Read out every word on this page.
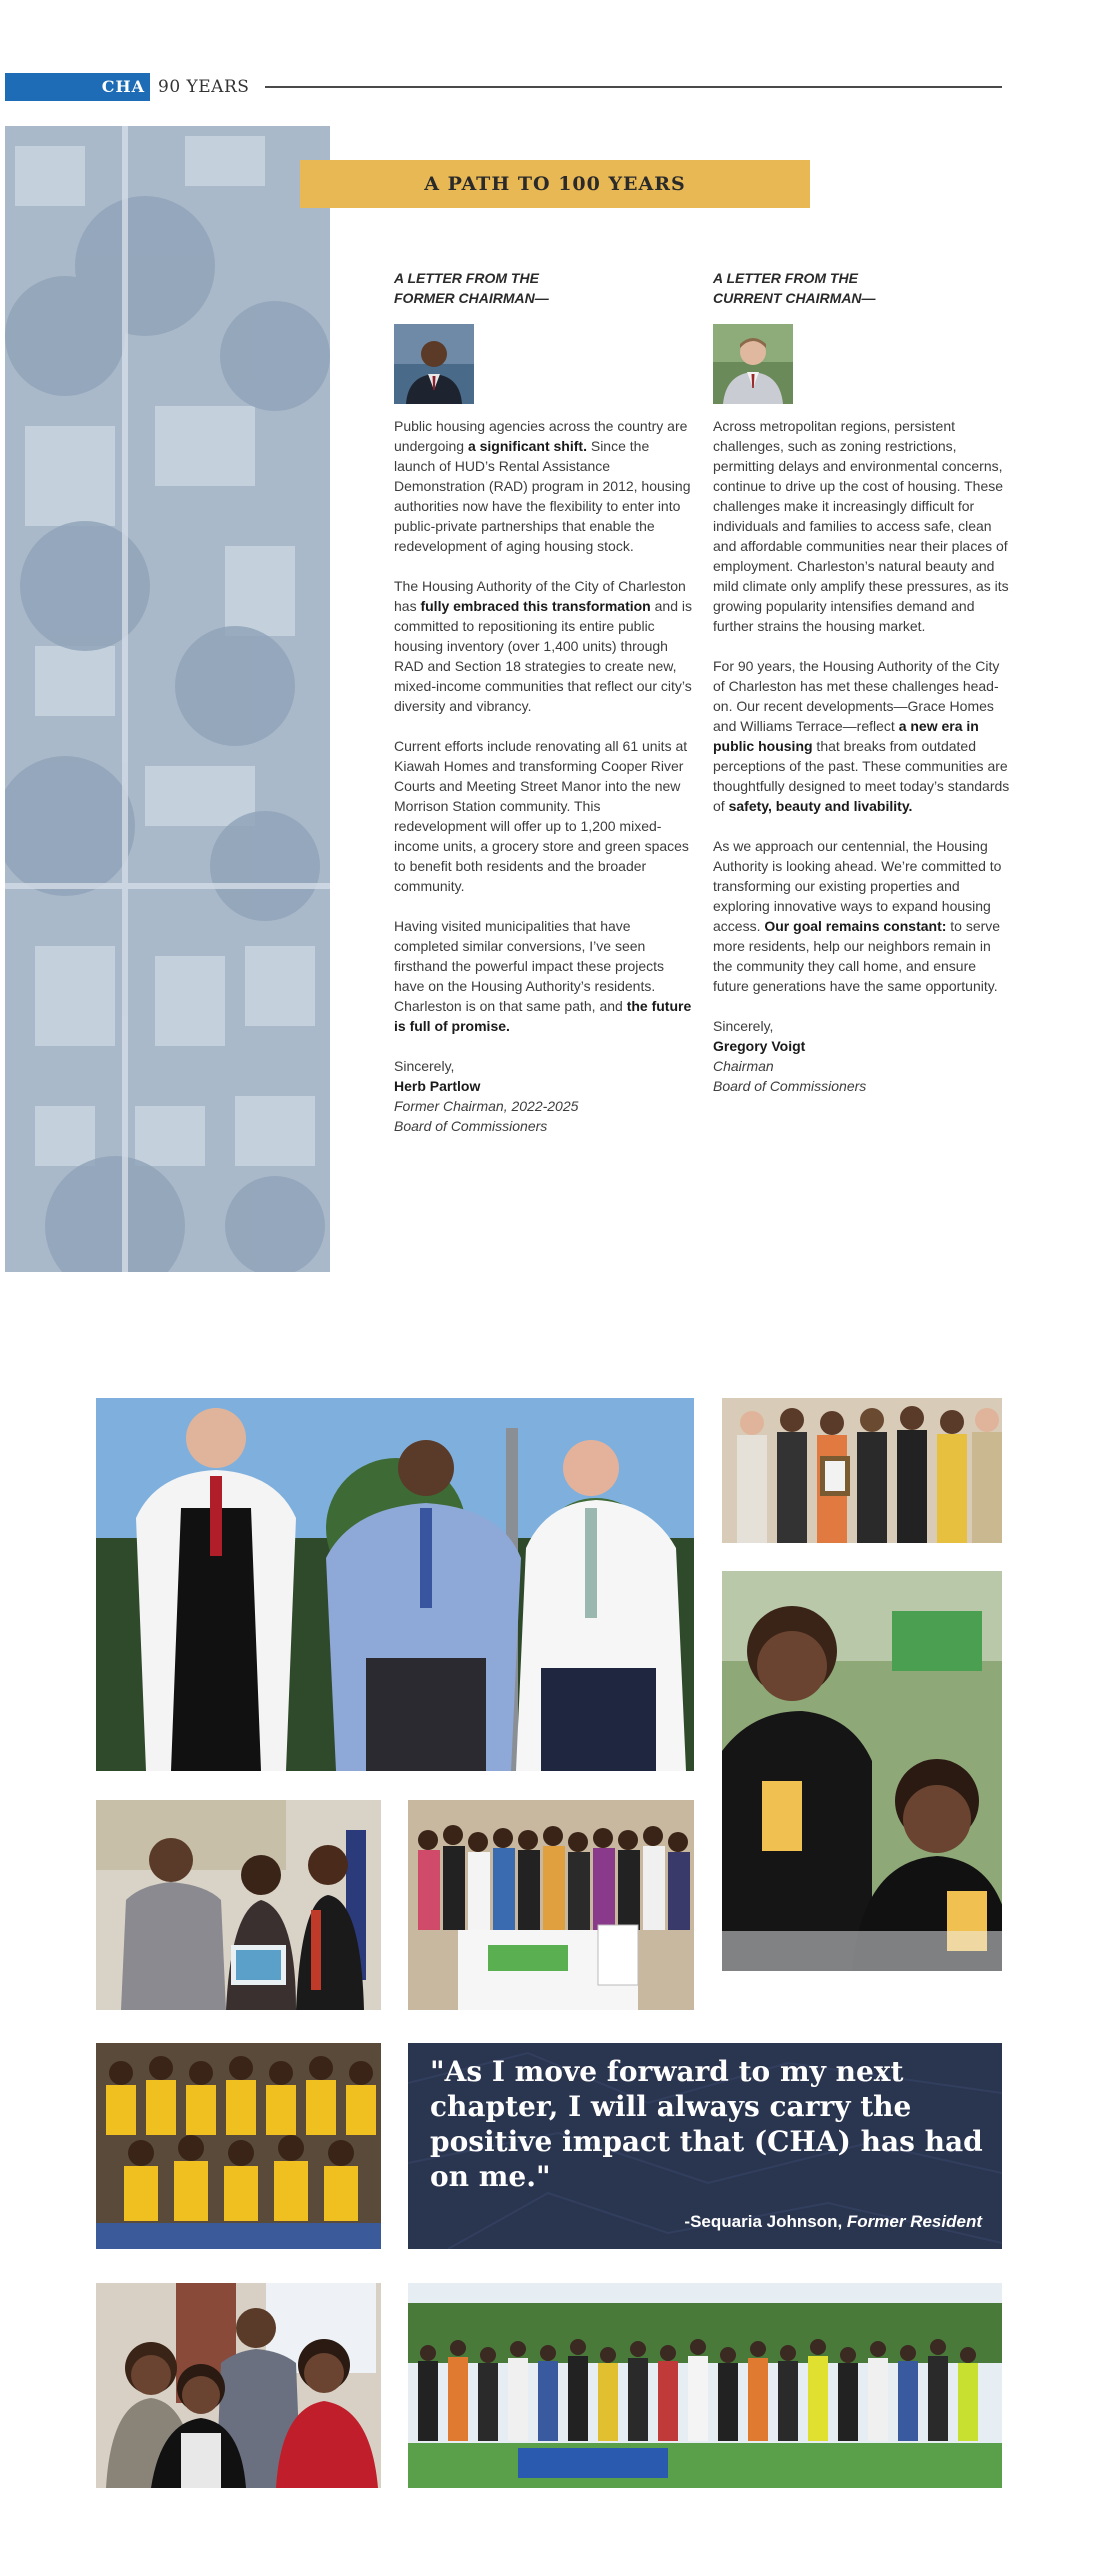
CHA 90 YEARS
A PATH TO 100 YEARS
A LETTER FROM THE
FORMER CHAIRMAN—

Public housing agencies across the country are undergoing a significant shift. Since the launch of HUD’s Rental Assistance Demonstration (RAD) program in 2012, housing authorities now have the flexibility to enter into public-private partnerships that enable the redevelopment of aging housing stock.

The Housing Authority of the City of Charleston has fully embraced this transformation and is committed to repositioning its entire public housing inventory (over 1,400 units) through RAD and Section 18 strategies to create new, mixed-income communities that reflect our city’s diversity and vibrancy.

Current efforts include renovating all 61 units at Kiawah Homes and transforming Cooper River Courts and Meeting Street Manor into the new Morrison Station community. This redevelopment will offer up to 1,200 mixed-income units, a grocery store and green spaces to benefit both residents and the broader community.

Having visited municipalities that have completed similar conversions, I’ve seen firsthand the powerful impact these projects have on the Housing Authority’s residents. Charleston is on that same path, and the future is full of promise.

Sincerely,
Herb Partlow
Former Chairman, 2022-2025
Board of Commissioners
A LETTER FROM THE
CURRENT CHAIRMAN—

Across metropolitan regions, persistent challenges, such as zoning restrictions, permitting delays and environmental concerns, continue to drive up the cost of housing. These challenges make it increasingly difficult for individuals and families to access safe, clean and affordable communities near their places of employment. Charleston’s natural beauty and mild climate only amplify these pressures, as its growing popularity intensifies demand and further strains the housing market.

For 90 years, the Housing Authority of the City of Charleston has met these challenges head-on. Our recent developments—Grace Homes and Williams Terrace—reflect a new era in public housing that breaks from outdated perceptions of the past. These communities are thoughtfully designed to meet today’s standards of safety, beauty and livability.

As we approach our centennial, the Housing Authority is looking ahead. We’re committed to transforming our existing properties and exploring innovative ways to expand housing access. Our goal remains constant: to serve more residents, help our neighbors remain in the community they call home, and ensure future generations have the same opportunity.

Sincerely,
Gregory Voigt
Chairman
Board of Commissioners
"As I move forward to my next chapter, I will always carry the positive impact that (CHA) has had on me."
-Sequaria Johnson, Former Resident
